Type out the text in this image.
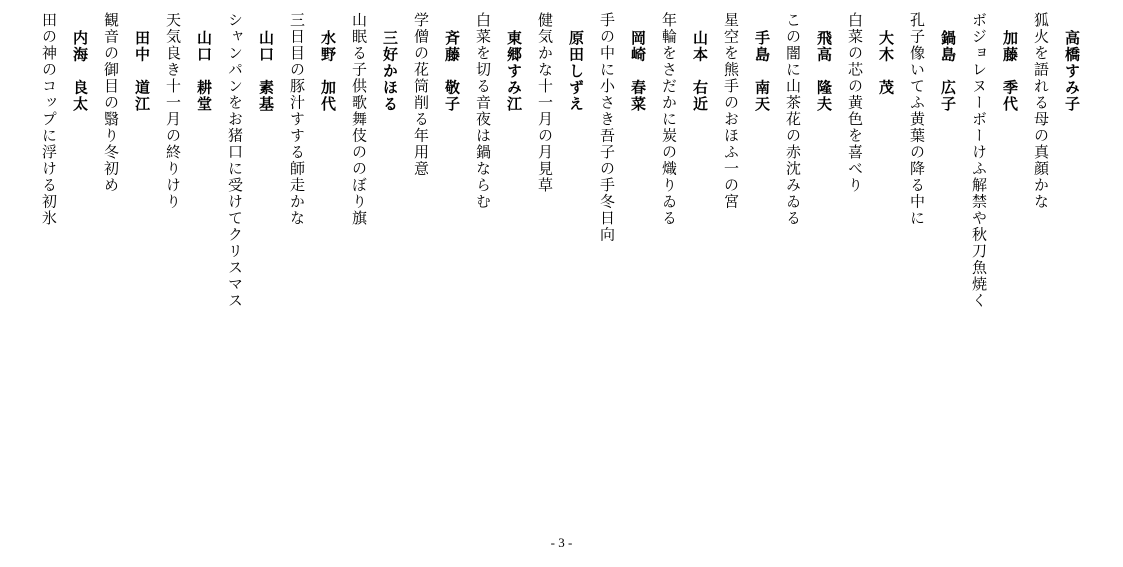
高橋すみ子
狐火を語れる母の真顔かな
加藤　季代
ボジョレヌーボーけふ解禁や秋刀魚焼く
鍋島　広子
孔子像いてふ黄葉の降る中に
大木　茂
白菜の芯の黄色を喜べり
飛高　隆夫
この闇に山茶花の赤沈みゐる
手島　南天
星空を熊手のおほふ一の宮
山本　右近
年輪をさだかに炭の熾りゐる
岡崎　春菜
手の中に小さき吾子の手冬日向
原田しずえ
健気かな十一月の月見草
東郷すみ江
白菜を切る音夜は鍋ならむ
斉藤　敬子
学僧の花筒削る年用意
三好かほる
山眠る子供歌舞伎ののぼり旗
水野　加代
三日目の豚汁すする師走かな
山口　素基
シャンパンをお猪口に受けてクリスマス
山口　耕堂
天気良き十一月の終りけり
田中　道江
観音の御目の翳り冬初め
内海　良太
田の神のコップに浮ける初氷
- 3 -
